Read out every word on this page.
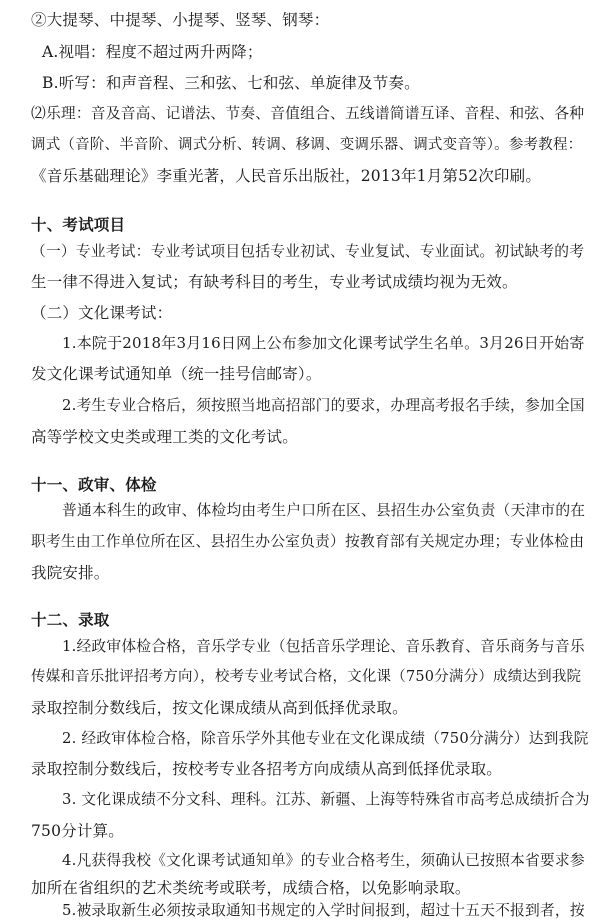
②大提琴、中提琴、小提琴、竖琴、钢琴：
A.视唱：程度不超过两升两降；
B.听写：和声音程、三和弦、七和弦、单旋律及节奏。
⑵乐理：音及音高、记谱法、节奏、音值组合、五线谱简谱互译、音程、和弦、各种
调式（音阶、半音阶、调式分析、转调、移调、变调乐器、调式变音等）。参考教程：
《音乐基础理论》李重光著，人民音乐出版社，2013年1月第52次印刷。
十、考试项目
（一）专业考试：专业考试项目包括专业初试、专业复试、专业面试。初试缺考的考
生一律不得进入复试；有缺考科目的考生，专业考试成绩均视为无效。
（二）文化课考试：
1.本院于2018年3月16日网上公布参加文化课考试学生名单。3月26日开始寄
发文化课考试通知单（统一挂号信邮寄）。
2.考生专业合格后，须按照当地高招部门的要求，办理高考报名手续，参加全国
高等学校文史类或理工类的文化考试。
十一、政审、体检
普通本科生的政审、体检均由考生户口所在区、县招生办公室负责（天津市的在
职考生由工作单位所在区、县招生办公室负责）按教育部有关规定办理；专业体检由
我院安排。
十二、录取
1.经政审体检合格，音乐学专业（包括音乐学理论、音乐教育、音乐商务与音乐
传媒和音乐批评招考方向），校考专业考试合格，文化课（750分满分）成绩达到我院
录取控制分数线后，按文化课成绩从高到低择优录取。
2. 经政审体检合格，除音乐学外其他专业在文化课成绩（750分满分）达到我院
录取控制分数线后，按校考专业各招考方向成绩从高到低择优录取。
3. 文化课成绩不分文科、理科。江苏、新疆、上海等特殊省市高考总成绩折合为
750分计算。
4.凡获得我校《文化课考试通知单》的专业合格考生，须确认已按照本省要求参
加所在省组织的艺术类统考或联考，成绩合格，以免影响录取。
5.被录取新生必须按录取通知书规定的入学时间报到，超过十五天不报到者，按
